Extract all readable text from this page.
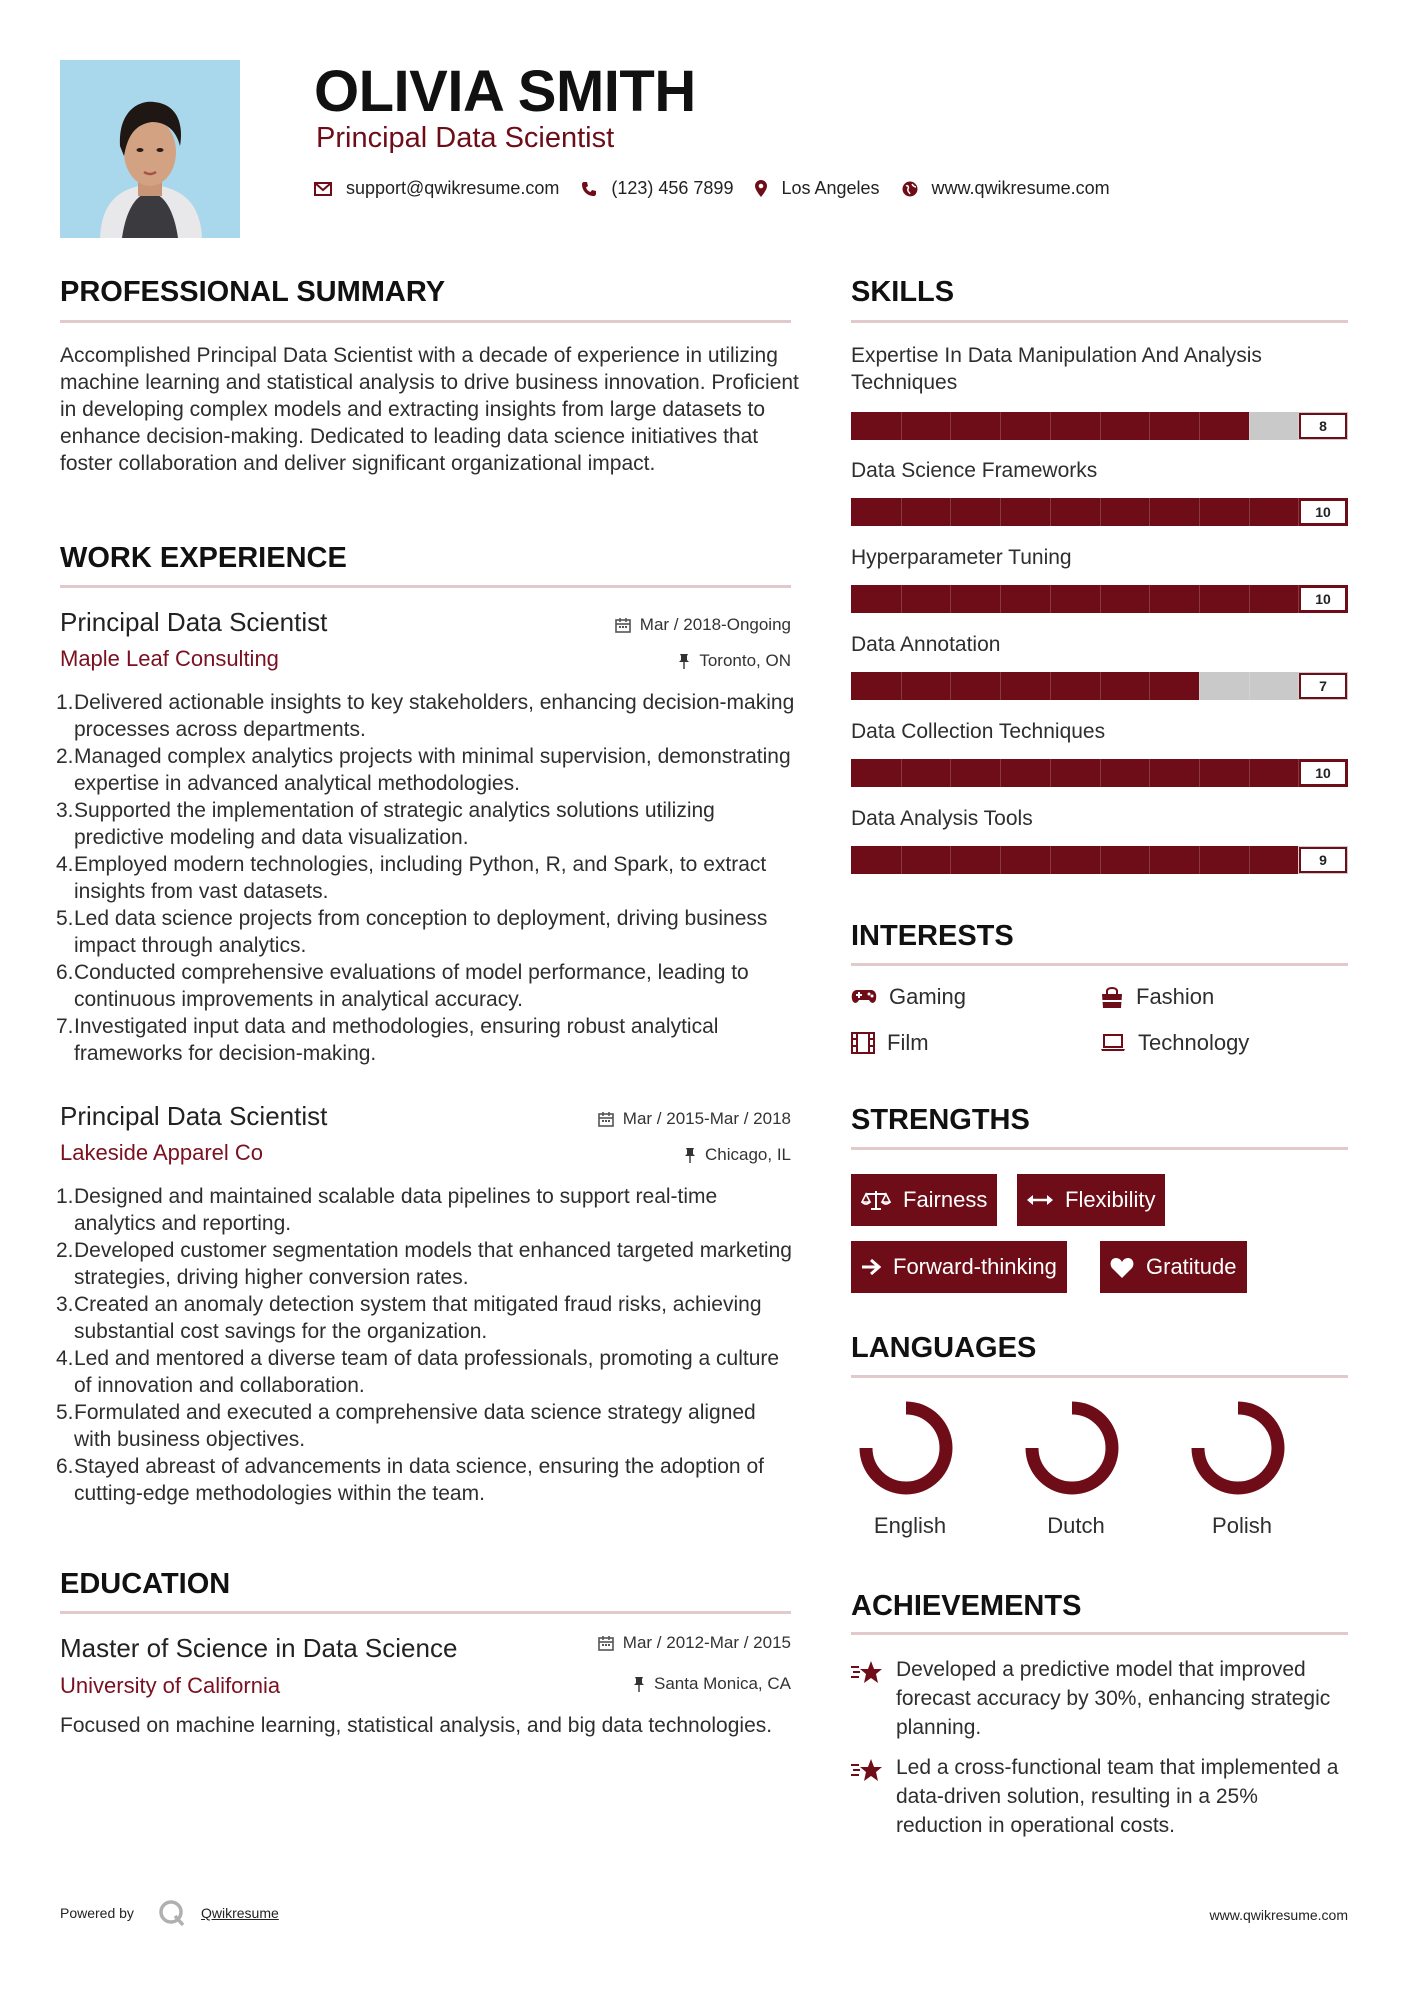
OLIVIA SMITH
Principal Data Scientist
support@qwikresume.com	(123) 456 7899	Los Angeles	www.qwikresume.com
PROFESSIONAL SUMMARY
Accomplished Principal Data Scientist with a decade of experience in utilizing machine learning and statistical analysis to drive business innovation. Proficient in developing complex models and extracting insights from large datasets to enhance decision-making. Dedicated to leading data science initiatives that foster collaboration and deliver significant organizational impact.
WORK EXPERIENCE
Principal Data Scientist	Mar / 2018-Ongoing
Maple Leaf Consulting	Toronto, ON
1. Delivered actionable insights to key stakeholders, enhancing decision-making processes across departments.
2. Managed complex analytics projects with minimal supervision, demonstrating expertise in advanced analytical methodologies.
3. Supported the implementation of strategic analytics solutions utilizing predictive modeling and data visualization.
4. Employed modern technologies, including Python, R, and Spark, to extract insights from vast datasets.
5. Led data science projects from conception to deployment, driving business impact through analytics.
6. Conducted comprehensive evaluations of model performance, leading to continuous improvements in analytical accuracy.
7. Investigated input data and methodologies, ensuring robust analytical frameworks for decision-making.
Principal Data Scientist	Mar / 2015-Mar / 2018
Lakeside Apparel Co	Chicago, IL
1. Designed and maintained scalable data pipelines to support real-time analytics and reporting.
2. Developed customer segmentation models that enhanced targeted marketing strategies, driving higher conversion rates.
3. Created an anomaly detection system that mitigated fraud risks, achieving substantial cost savings for the organization.
4. Led and mentored a diverse team of data professionals, promoting a culture of innovation and collaboration.
5. Formulated and executed a comprehensive data science strategy aligned with business objectives.
6. Stayed abreast of advancements in data science, ensuring the adoption of cutting-edge methodologies within the team.
EDUCATION
Master of Science in Data Science	Mar / 2012-Mar / 2015
University of California	Santa Monica, CA
Focused on machine learning, statistical analysis, and big data technologies.
SKILLS
Expertise In Data Manipulation And Analysis Techniques
8
Data Science Frameworks
10
Hyperparameter Tuning
10
Data Annotation
7
Data Collection Techniques
10
Data Analysis Tools
9
INTERESTS
Gaming	Fashion
Film	Technology
STRENGTHS
Fairness	Flexibility
Forward-thinking	Gratitude
LANGUAGES
English	Dutch	Polish
ACHIEVEMENTS
Developed a predictive model that improved forecast accuracy by 30%, enhancing strategic planning.
Led a cross-functional team that implemented a data-driven solution, resulting in a 25% reduction in operational costs.
Powered by	Qwikresume	www.qwikresume.com
